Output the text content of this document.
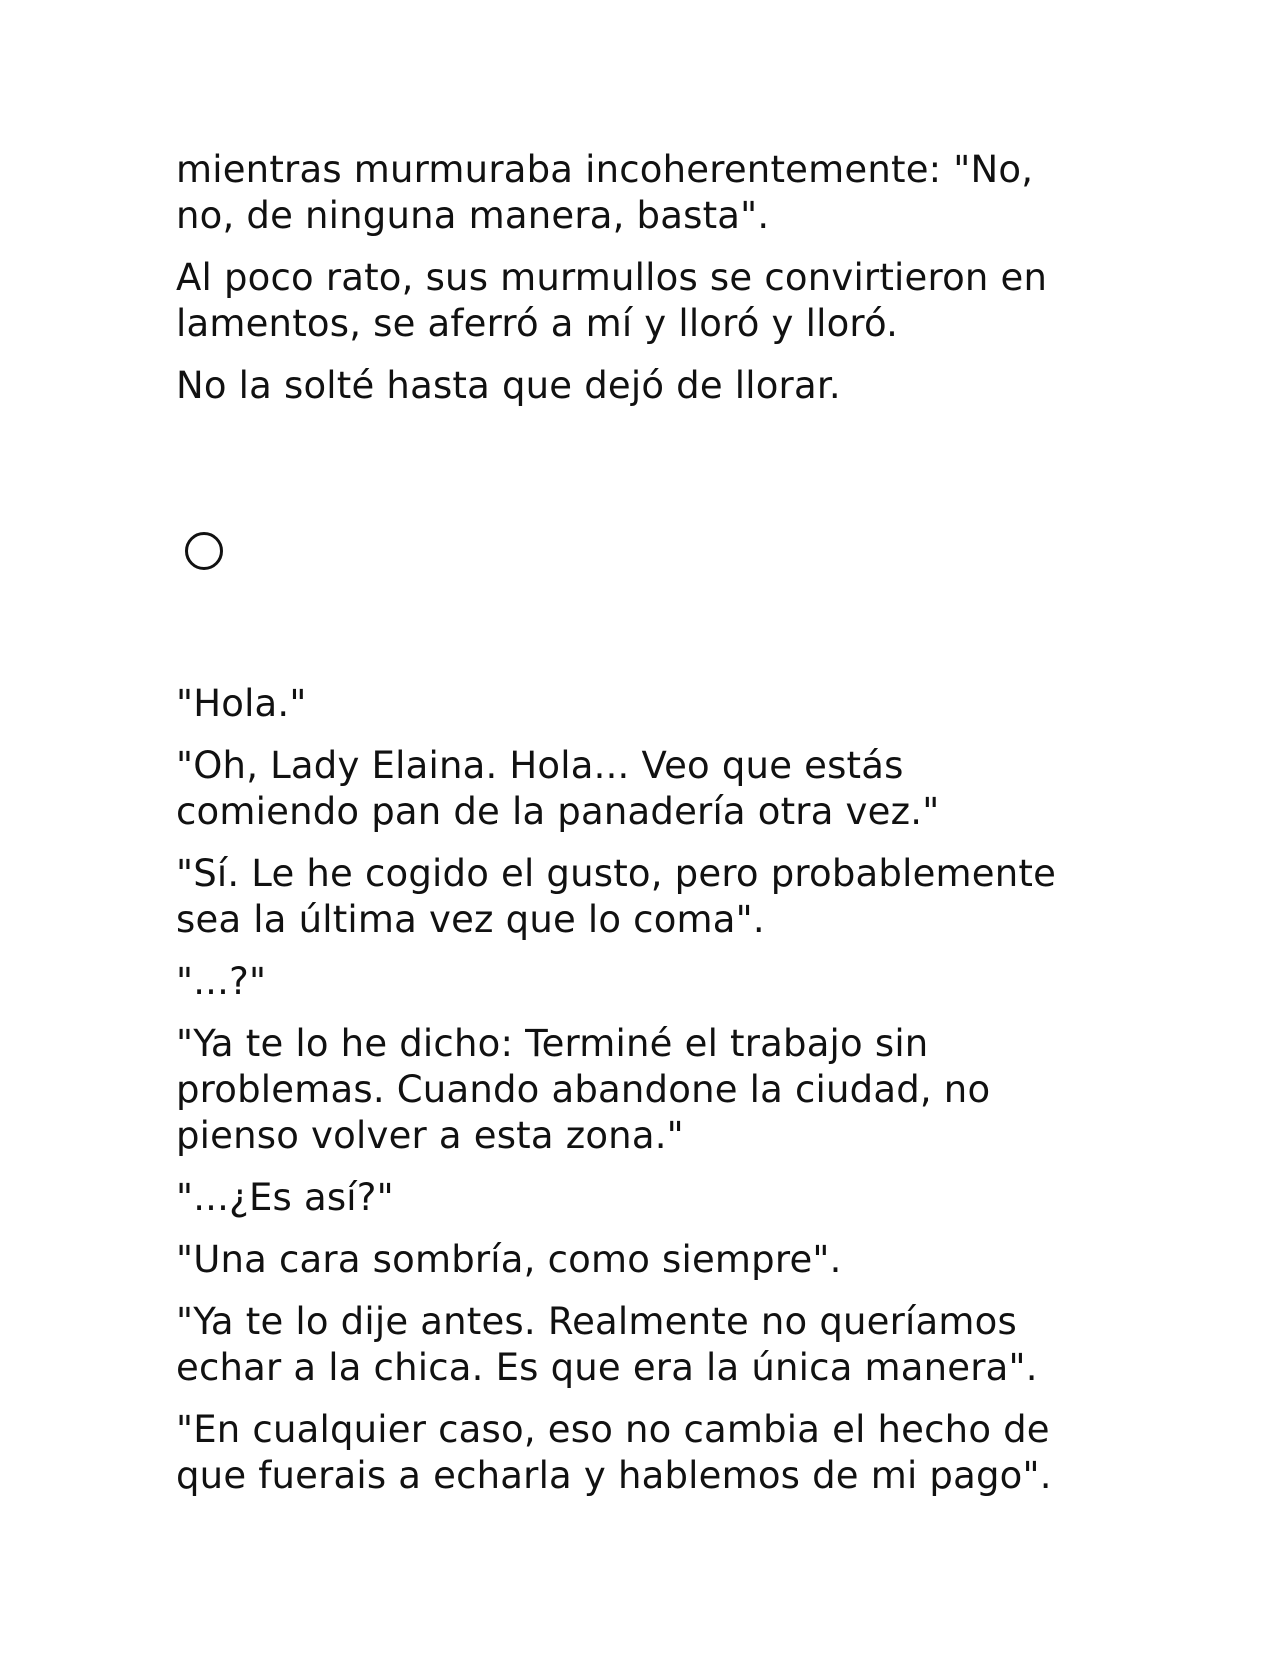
mientras murmuraba incoherentemente: "No,
no, de ninguna manera, basta".

Al poco rato, sus murmullos se convirtieron en
lamentos, se aferró a mí y lloró y lloró.

No la solté hasta que dejó de llorar.

"Hola."

"Oh, Lady Elaina. Hola... Veo que estás
comiendo pan de la panadería otra vez."

"Sí. Le he cogido el gusto, pero probablemente
sea la última vez que lo coma".

"...?"

"Ya te lo he dicho: Terminé el trabajo sin
problemas. Cuando abandone la ciudad, no
pienso volver a esta zona."

"...¿Es así?"

"Una cara sombría, como siempre".

"Ya te lo dije antes. Realmente no queríamos
echar a la chica. Es que era la única manera".

"En cualquier caso, eso no cambia el hecho de
que fuerais a echarla y hablemos de mi pago".
